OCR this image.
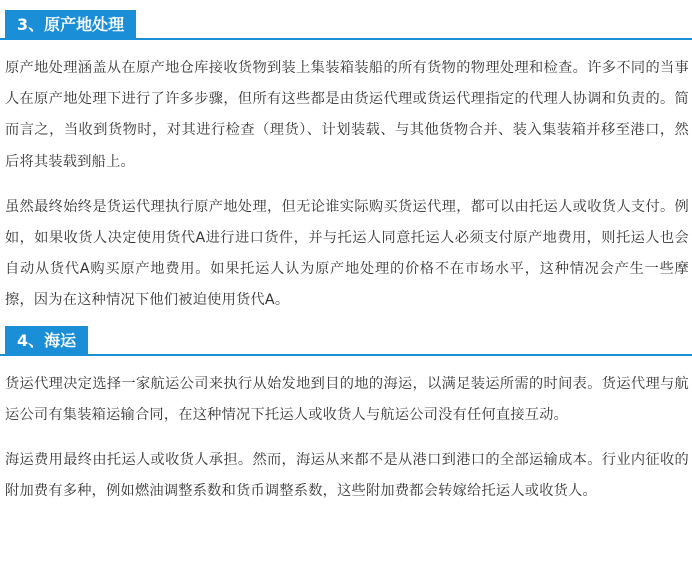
3、原产地处理

原产地处理涵盖从在原产地仓库接收货物到装上集装箱装船的所有货物的物理处理和检查。许多不同的当事人在原产地处理下进行了许多步骤，但所有这些都是由货运代理或货运代理指定的代理人协调和负责的。简而言之，当收到货物时，对其进行检查（理货）、计划装载、与其他货物合并、装入集装箱并移至港口，然后将其装载到船上。

虽然最终始终是货运代理执行原产地处理，但无论谁实际购买货运代理，都可以由托运人或收货人支付。例如，如果收货人决定使用货代A进行进口货件，并与托运人同意托运人必须支付原产地费用，则托运人也会自动从货代A购买原产地费用。如果托运人认为原产地处理的价格不在市场水平，这种情况会产生一些摩擦，因为在这种情况下他们被迫使用货代A。

4、海运

货运代理决定选择一家航运公司来执行从始发地到目的地的海运，以满足装运所需的时间表。货运代理与航运公司有集装箱运输合同，在这种情况下托运人或收货人与航运公司没有任何直接互动。

海运费用最终由托运人或收货人承担。然而，海运从来都不是从港口到港口的全部运输成本。行业内征收的附加费有多种，例如燃油调整系数和货币调整系数，这些附加费都会转嫁给托运人或收货人。
